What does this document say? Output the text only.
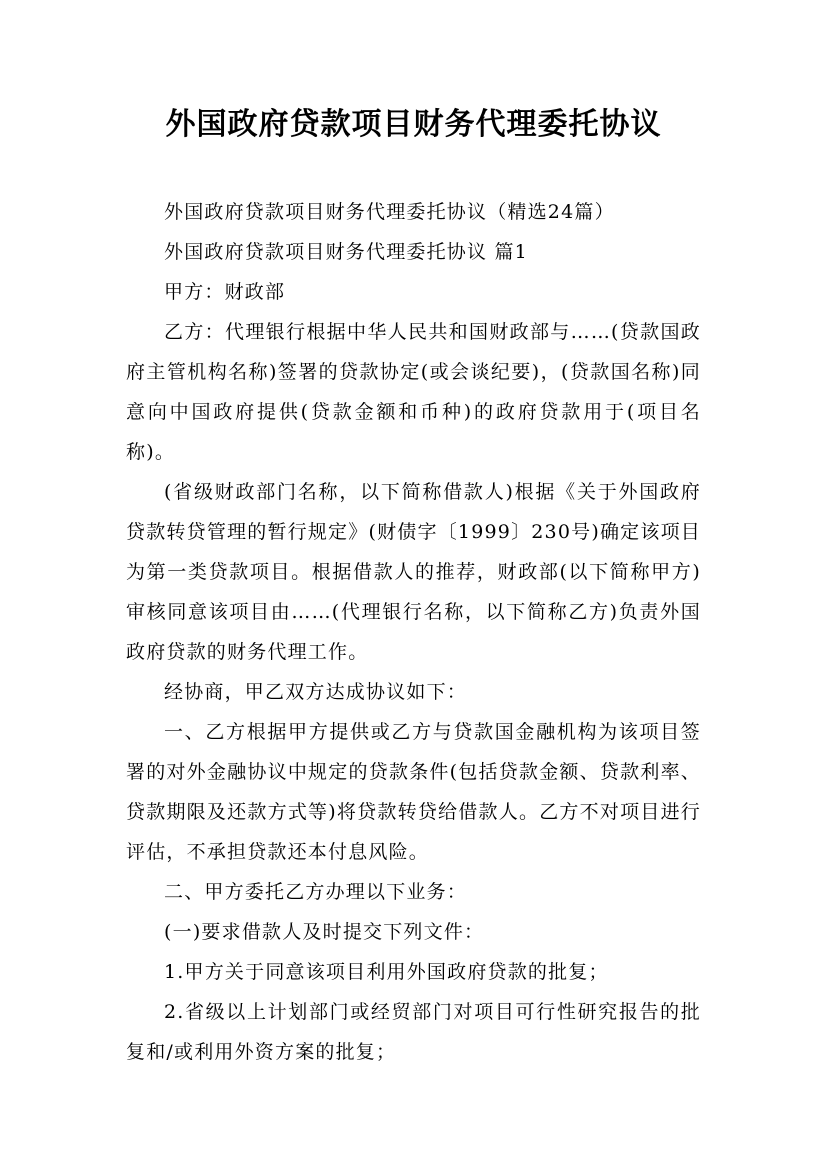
外国政府贷款项目财务代理委托协议

外国政府贷款项目财务代理委托协议（精选24篇）

外国政府贷款项目财务代理委托协议 篇1

甲方：财政部

乙方：代理银行根据中华人民共和国财政部与……(贷款国政府主管机构名称)签署的贷款协定(或会谈纪要)，(贷款国名称)同意向中国政府提供(贷款金额和币种)的政府贷款用于(项目名称)。

(省级财政部门名称，以下简称借款人)根据《关于外国政府贷款转贷管理的暂行规定》(财债字〔1999〕230号)确定该项目为第一类贷款项目。根据借款人的推荐，财政部(以下简称甲方)审核同意该项目由……(代理银行名称，以下简称乙方)负责外国政府贷款的财务代理工作。

经协商，甲乙双方达成协议如下：

一、乙方根据甲方提供或乙方与贷款国金融机构为该项目签署的对外金融协议中规定的贷款条件(包括贷款金额、贷款利率、贷款期限及还款方式等)将贷款转贷给借款人。乙方不对项目进行评估，不承担贷款还本付息风险。

二、甲方委托乙方办理以下业务：

(一)要求借款人及时提交下列文件：

1.甲方关于同意该项目利用外国政府贷款的批复；

2.省级以上计划部门或经贸部门对项目可行性研究报告的批复和/或利用外资方案的批复；
